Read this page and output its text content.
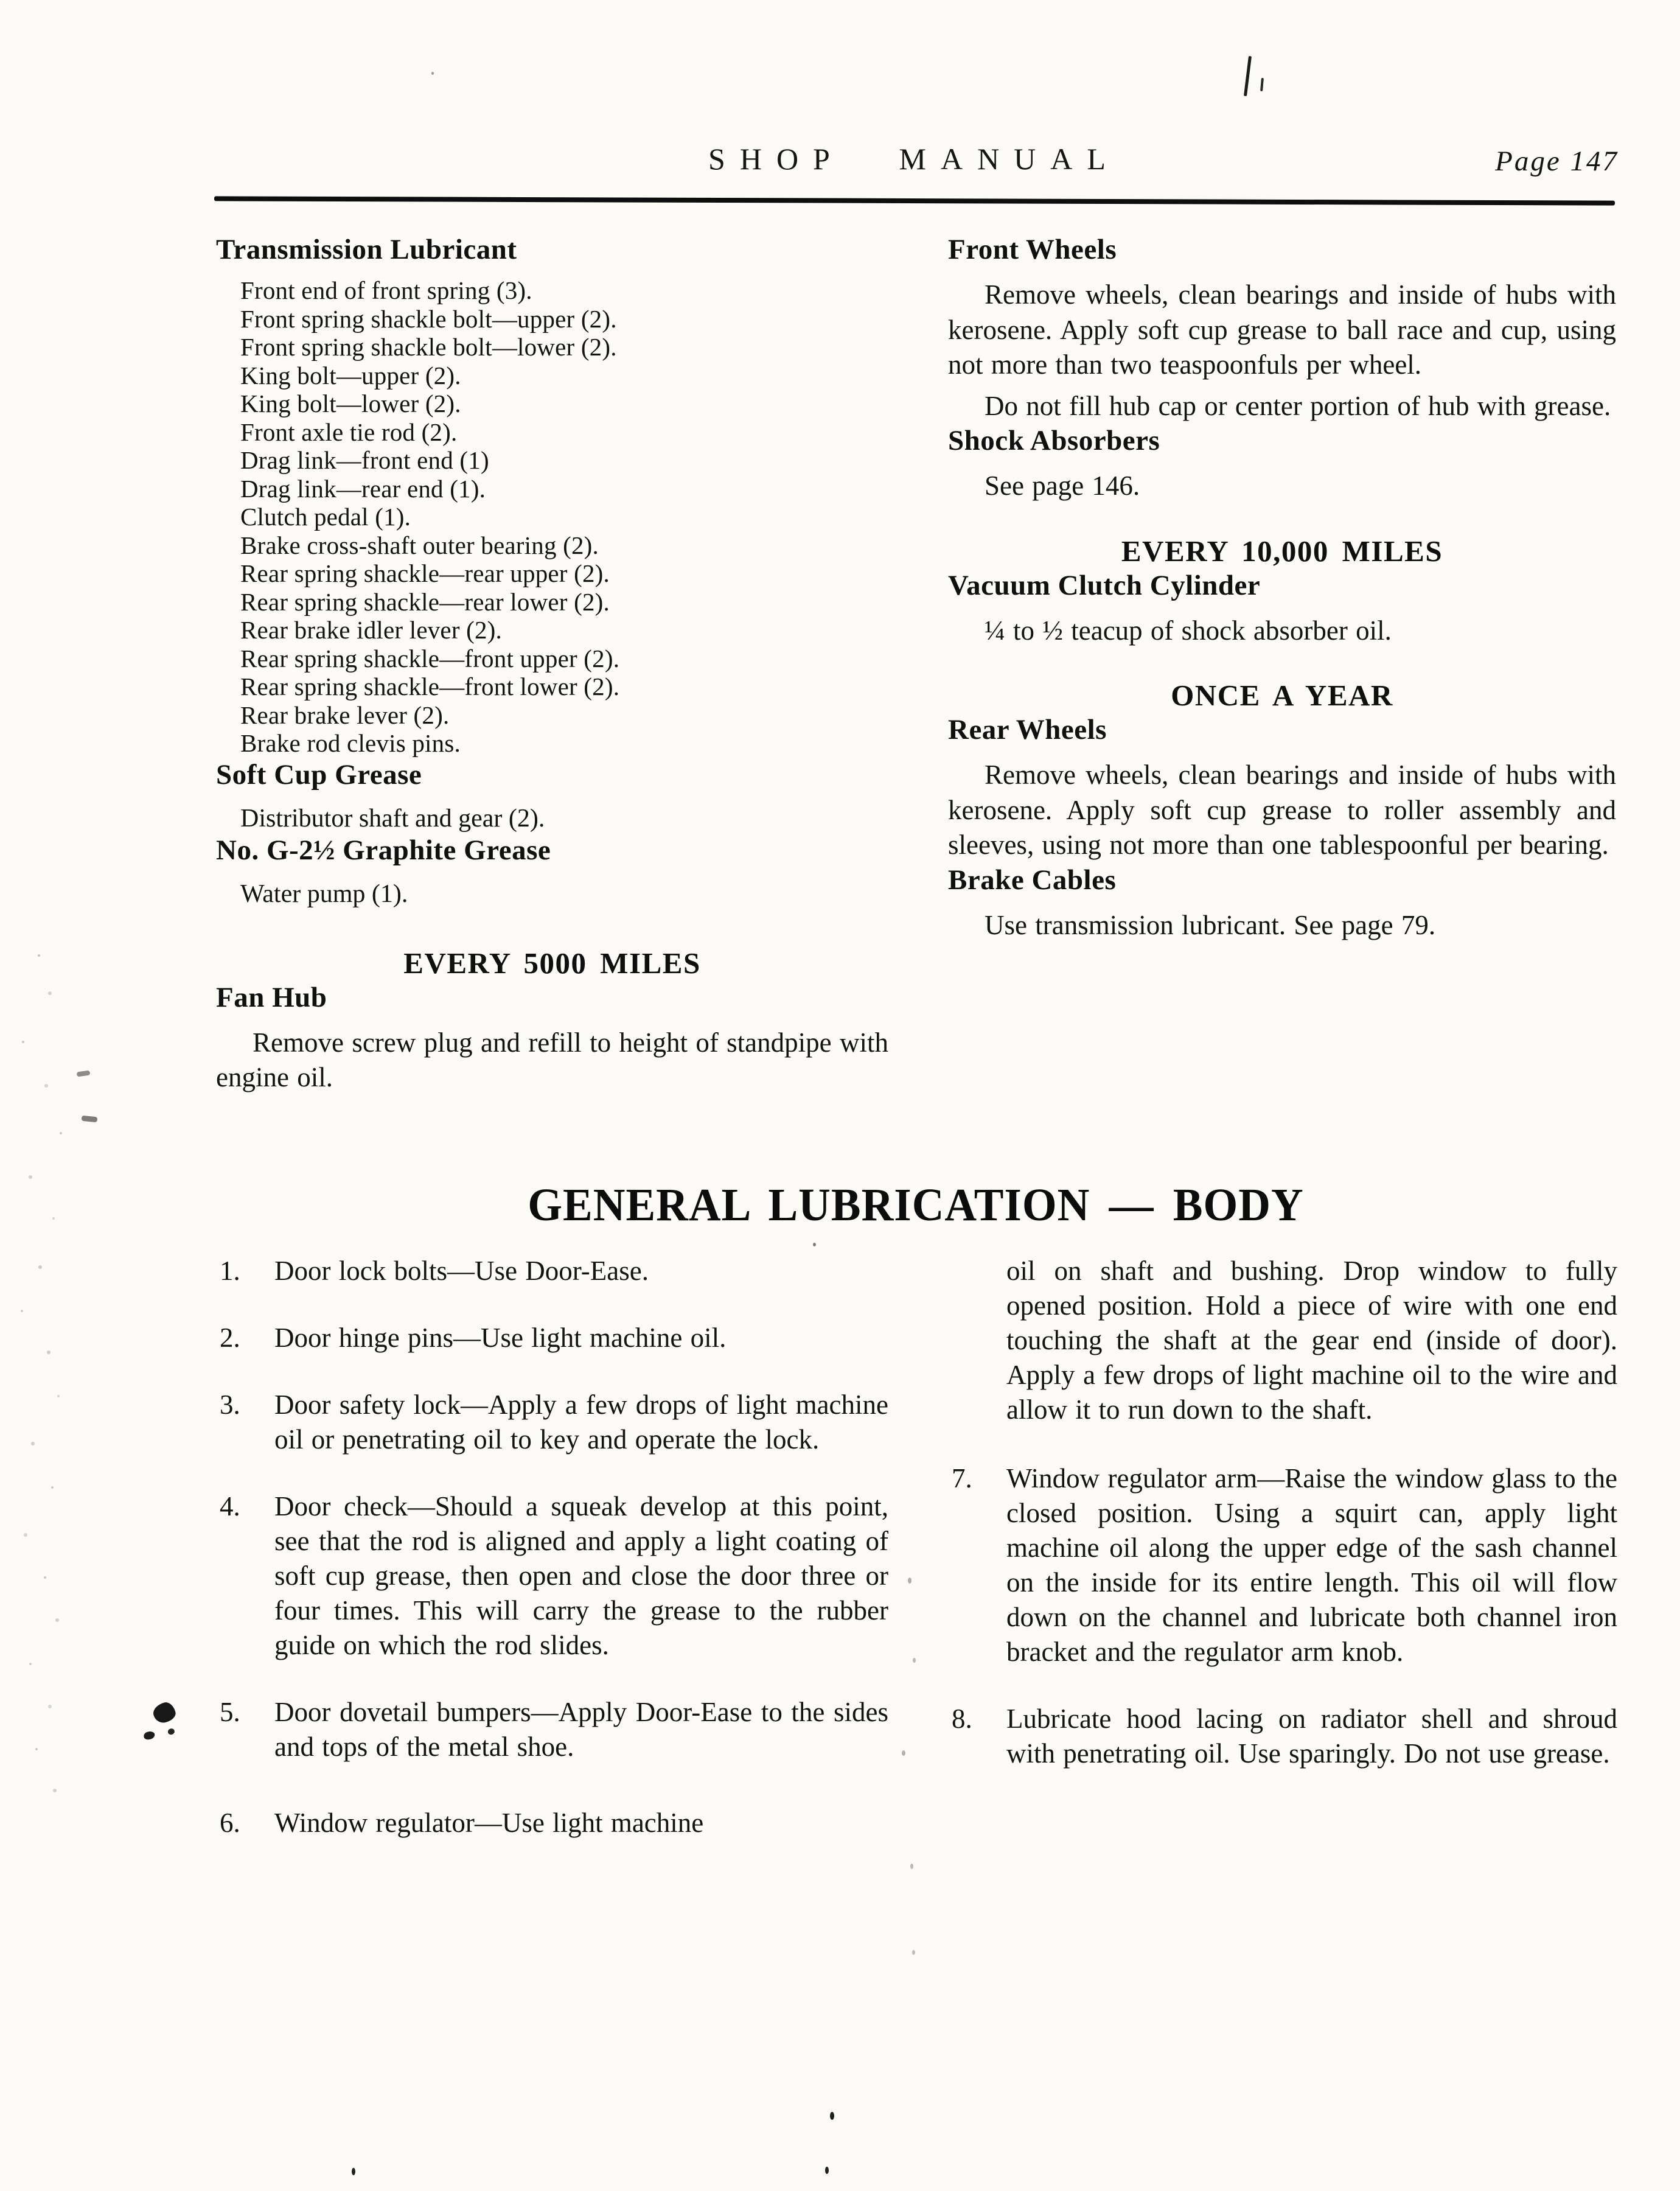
SHOP MANUAL	Page 147
Transmission Lubricant
Front end of front spring (3).
Front spring shackle bolt—upper (2).
Front spring shackle bolt—lower (2).
King bolt—upper (2).
King bolt—lower (2).
Front axle tie rod (2).
Drag link—front end (1)
Drag link—rear end (1).
Clutch pedal (1).
Brake cross-shaft outer bearing (2).
Rear spring shackle—rear upper (2).
Rear spring shackle—rear lower (2).
Rear brake idler lever (2).
Rear spring shackle—front upper (2).
Rear spring shackle—front lower (2).
Rear brake lever (2).
Brake rod clevis pins.
Soft Cup Grease
Distributor shaft and gear (2).
No. G-2½ Graphite Grease
Water pump (1).
EVERY 5000 MILES
Fan Hub

Remove screw plug and refill to height of standpipe with engine oil.

Front Wheels

Remove wheels, clean bearings and inside of hubs with kerosene. Apply soft cup grease to ball race and cup, using not more than two teaspoonfuls per wheel.

Do not fill hub cap or center portion of hub with grease.

Shock Absorbers

See page 146.

EVERY 10,000 MILES
Vacuum Clutch Cylinder

¼ to ½ teacup of shock absorber oil.

ONCE A YEAR
Rear Wheels

Remove wheels, clean bearings and inside of hubs with kerosene. Apply soft cup grease to roller assembly and sleeves, using not more than one tablespoonful per bearing.

Brake Cables

Use transmission lubricant. See page 79.

GENERAL LUBRICATION — BODY
1. Door lock bolts—Use Door-Ease.
2. Door hinge pins—Use light machine oil.
3. Door safety lock—Apply a few drops of light machine oil or penetrating oil to key and operate the lock.
4. Door check—Should a squeak develop at this point, see that the rod is aligned and apply a light coating of soft cup grease, then open and close the door three or four times. This will carry the grease to the rubber guide on which the rod slides.
5. Door dovetail bumpers—Apply Door-Ease to the sides and tops of the metal shoe.
6. Window regulator—Use light machine
oil on shaft and bushing. Drop window to fully opened position. Hold a piece of wire with one end touching the shaft at the gear end (inside of door). Apply a few drops of light machine oil to the wire and allow it to run down to the shaft.
7. Window regulator arm—Raise the window glass to the closed position. Using a squirt can, apply light machine oil along the upper edge of the sash channel on the inside for its entire length. This oil will flow down on the channel and lubricate both channel iron bracket and the regulator arm knob.
8. Lubricate hood lacing on radiator shell and shroud with penetrating oil. Use sparingly. Do not use grease.
